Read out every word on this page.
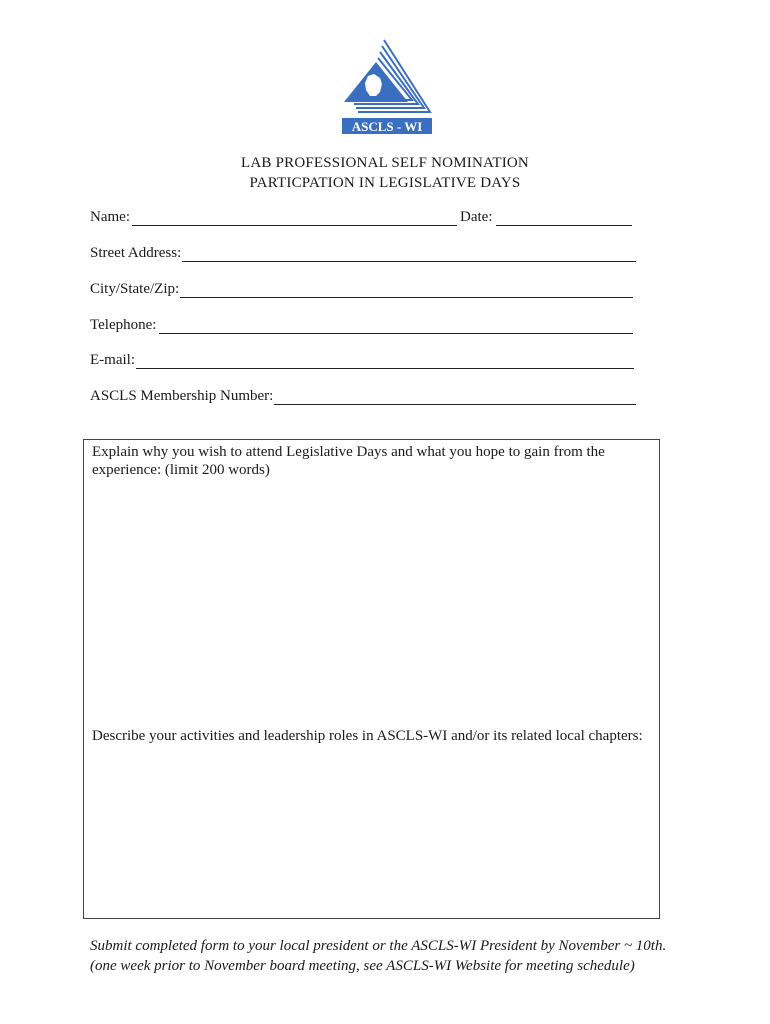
ASCLS - WI
LAB PROFESSIONAL SELF NOMINATION
PARTICPATION IN LEGISLATIVE DAYS
Name:	Date:
Street Address:
City/State/Zip:
Telephone:
E-mail:
ASCLS Membership Number:
Explain why you wish to attend Legislative Days and what you hope to gain from the experience: (limit 200 words)
Describe your activities and leadership roles in ASCLS-WI and/or its related local chapters:
Submit completed form to your local president or the ASCLS-WI President by November ~ 10th.
(one week prior to November board meeting, see ASCLS-WI Website for meeting schedule)
